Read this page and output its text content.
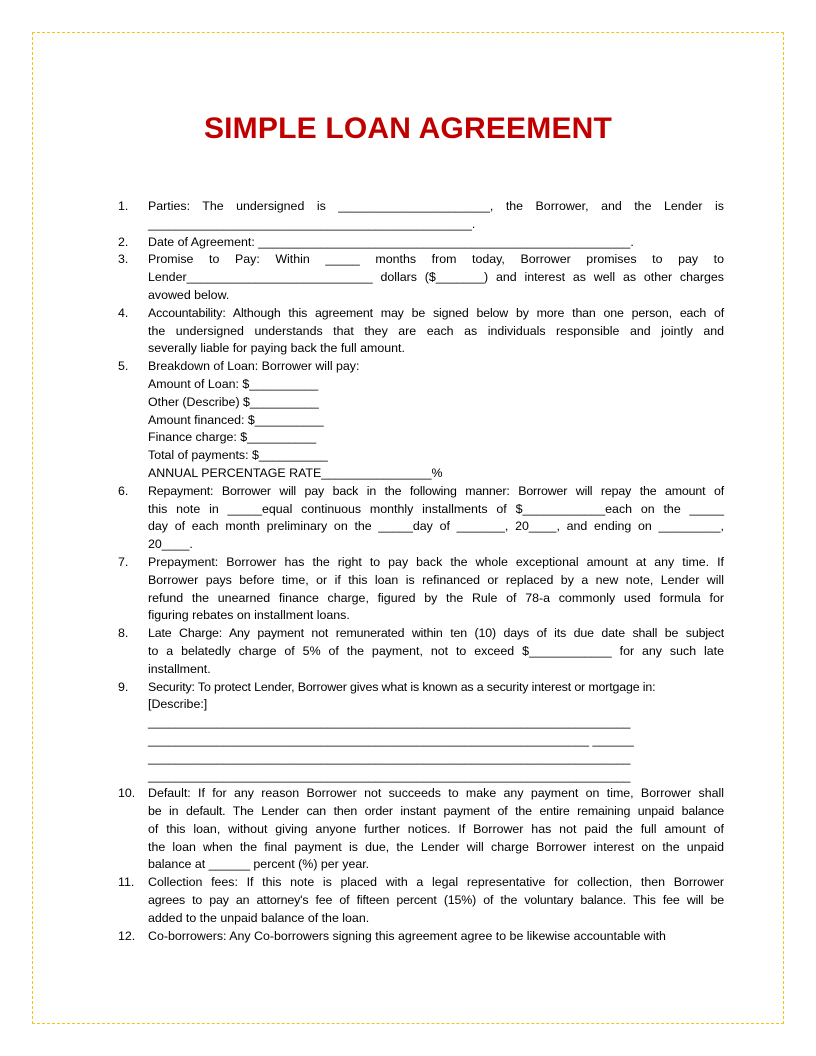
SIMPLE LOAN AGREEMENT
1.	Parties: The undersigned is ______________________, the Borrower, and the Lender is
_______________________________________________.
2.	Date of Agreement: ______________________________________________________.
3.	Promise to Pay: Within _____ months from today, Borrower promises to pay to
Lender___________________________ dollars ($_______) and interest as well as other charges
avowed below.
4.	Accountability: Although this agreement may be signed below by more than one person, each of
the undersigned understands that they are each as individuals responsible and jointly and
severally liable for paying back the full amount.
5.	Breakdown of Loan: Borrower will pay:
Amount of Loan: $__________
Other (Describe) $__________
Amount financed: $__________
Finance charge: $__________
Total of payments: $__________
ANNUAL PERCENTAGE RATE________________%
6.	Repayment: Borrower will pay back in the following manner: Borrower will repay the amount of
this note in _____equal continuous monthly installments of $____________each on the _____
day of each month preliminary on the _____day of _______, 20____, and ending on _________,
20____.
7.	Prepayment: Borrower has the right to pay back the whole exceptional amount at any time. If
Borrower pays before time, or if this loan is refinanced or replaced by a new note, Lender will
refund the unearned finance charge, figured by the Rule of 78-a commonly used formula for
figuring rebates on installment loans.
8.	Late Charge: Any payment not remunerated within ten (10) days of its due date shall be subject
to a belatedly charge of 5% of the payment, not to exceed $____________ for any such late
installment.
9.	Security: To protect Lender, Borrower gives what is known as a security interest or mortgage in:
[Describe:]
______________________________________________________________________
________________________________________________________________ ______
______________________________________________________________________
______________________________________________________________________
10.	Default: If for any reason Borrower not succeeds to make any payment on time, Borrower shall
be in default. The Lender can then order instant payment of the entire remaining unpaid balance
of this loan, without giving anyone further notices. If Borrower has not paid the full amount of
the loan when the final payment is due, the Lender will charge Borrower interest on the unpaid
balance at ______ percent (%) per year.
11.	Collection fees: If this note is placed with a legal representative for collection, then Borrower
agrees to pay an attorney's fee of fifteen percent (15%) of the voluntary balance. This fee will be
added to the unpaid balance of the loan.
12.	Co-borrowers: Any Co-borrowers signing this agreement agree to be likewise accountable with
